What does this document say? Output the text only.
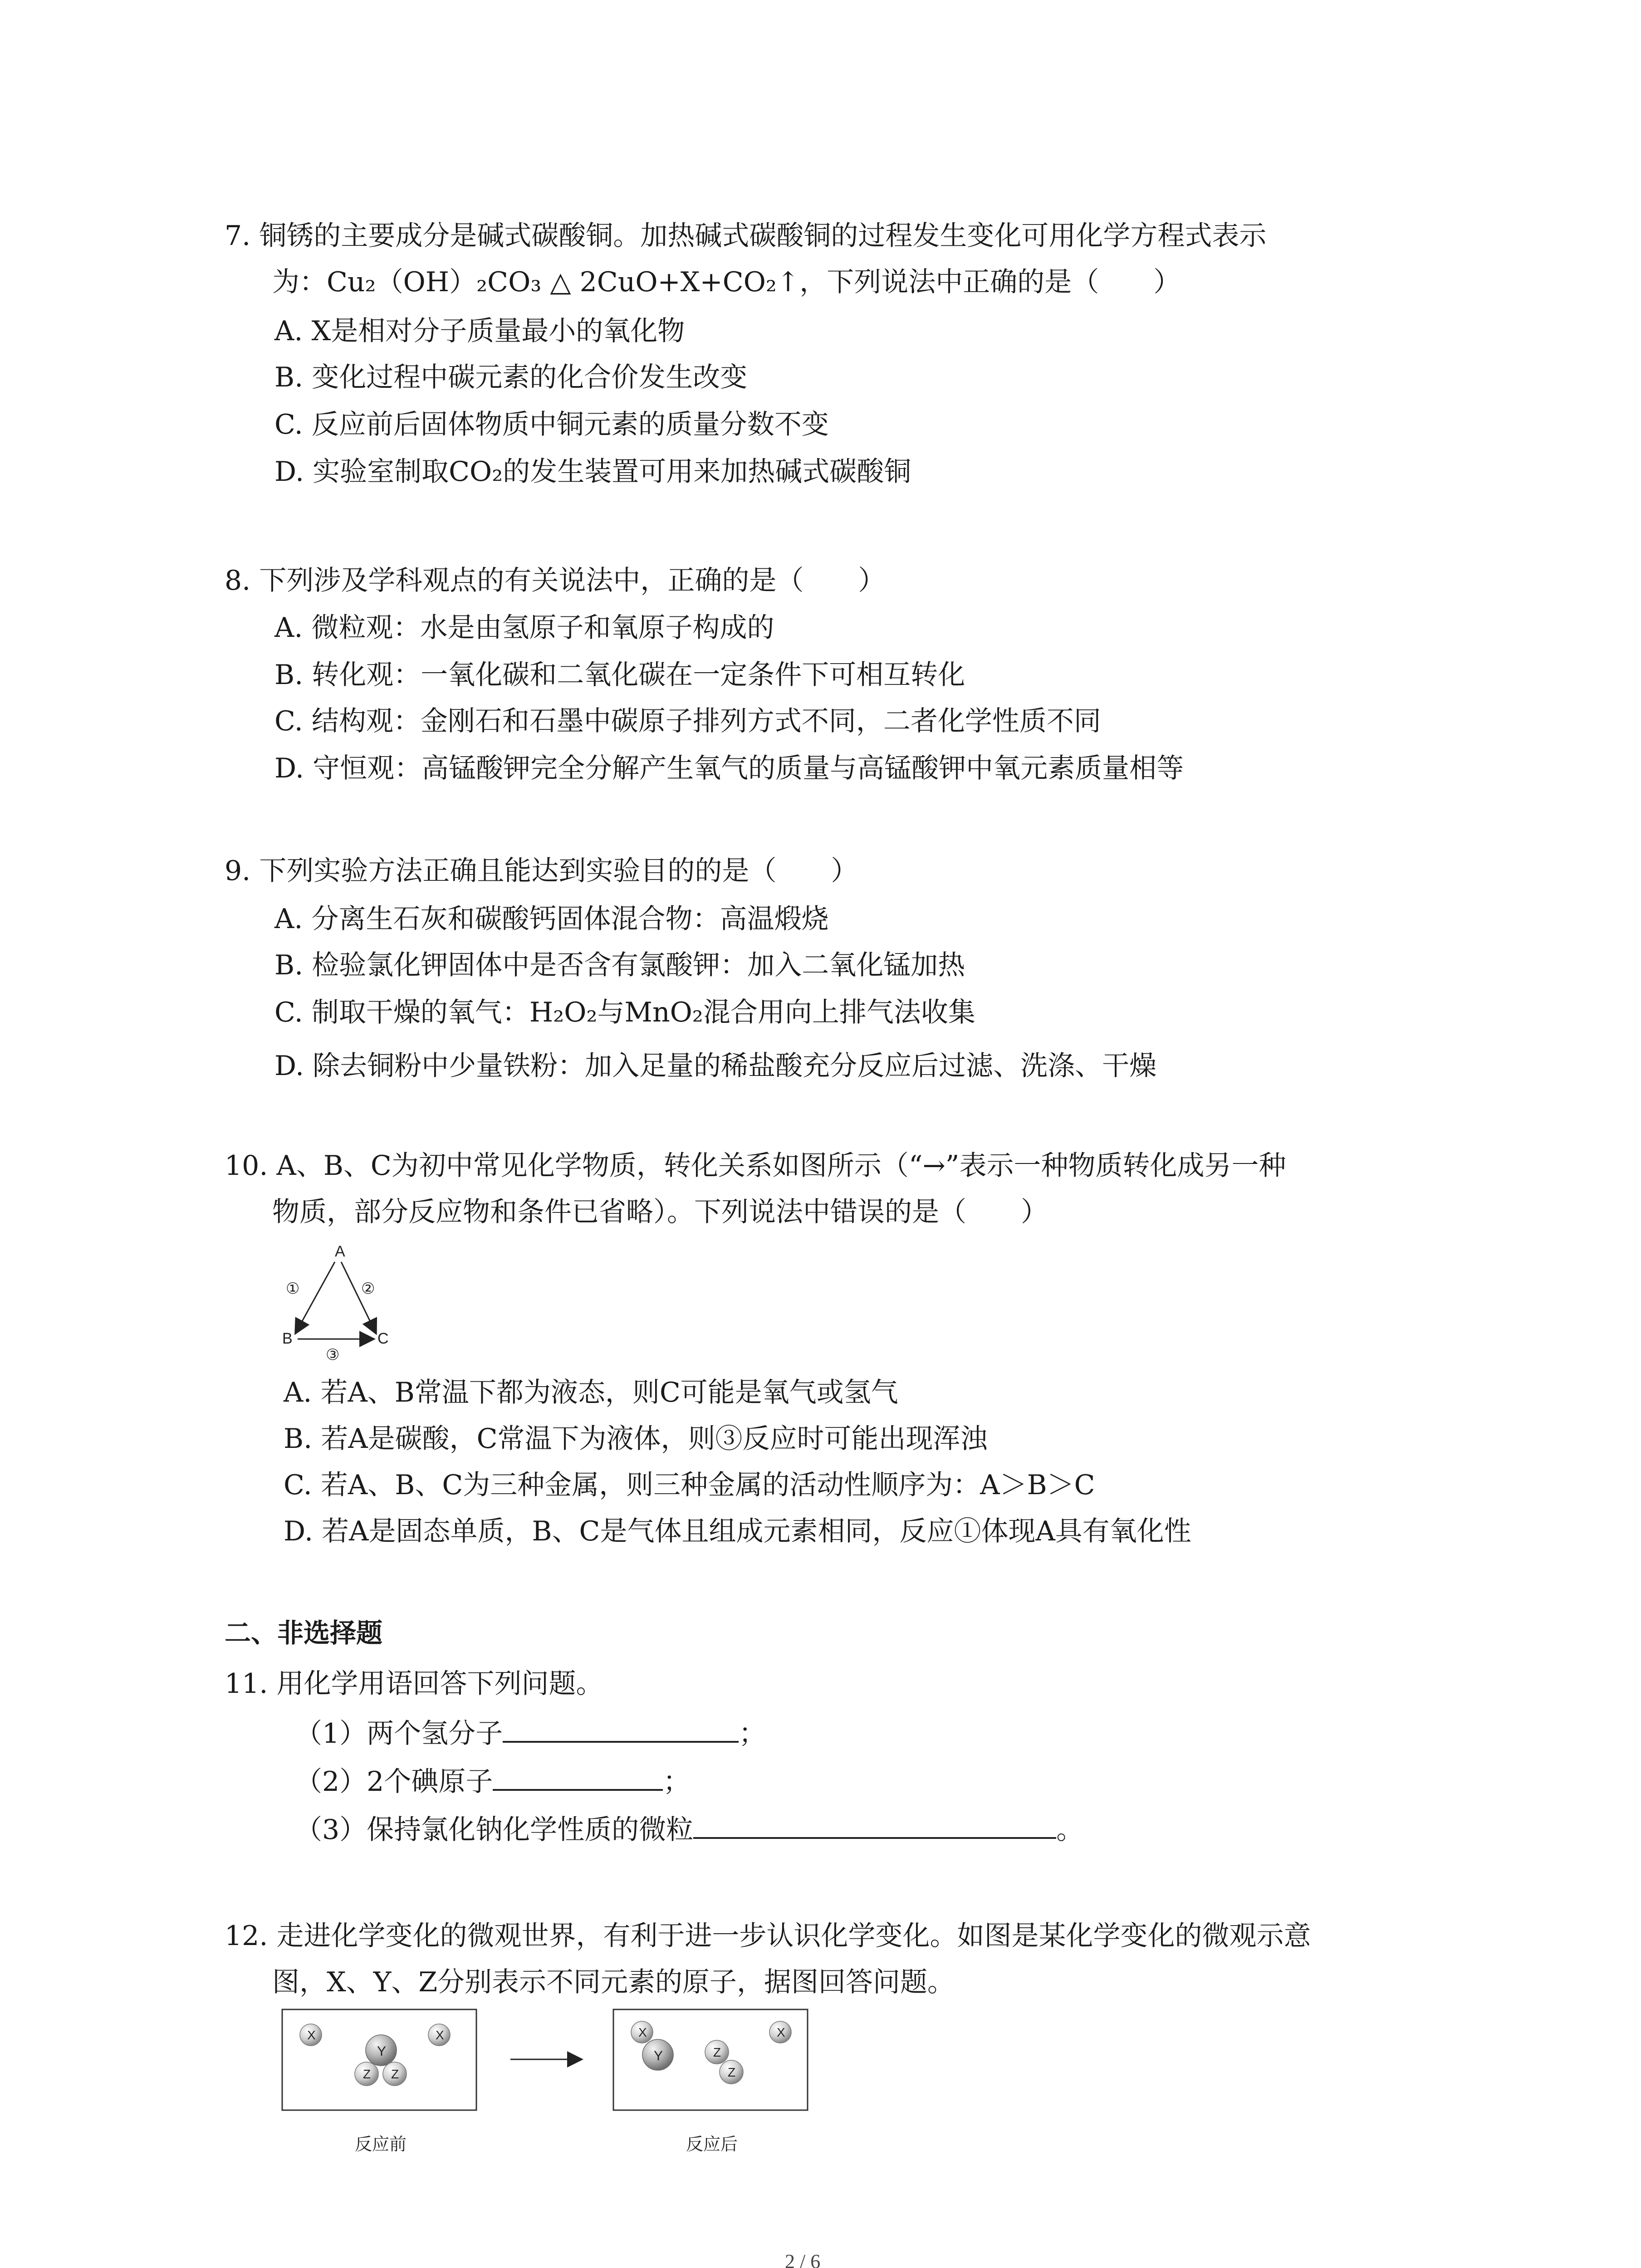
7. 铜锈的主要成分是碱式碳酸铜。加热碱式碳酸铜的过程发生变化可用化学方程式表示
为：Cu₂（OH）₂CO₃ △ 2CuO+X+CO₂↑，下列说法中正确的是（　　）
A. X是相对分子质量最小的氧化物
B. 变化过程中碳元素的化合价发生改变
C. 反应前后固体物质中铜元素的质量分数不变
D. 实验室制取CO₂的发生装置可用来加热碱式碳酸铜
8. 下列涉及学科观点的有关说法中，正确的是（　　）
A. 微粒观：水是由氢原子和氧原子构成的
B. 转化观：一氧化碳和二氧化碳在一定条件下可相互转化
C. 结构观：金刚石和石墨中碳原子排列方式不同，二者化学性质不同
D. 守恒观：高锰酸钾完全分解产生氧气的质量与高锰酸钾中氧元素质量相等
9. 下列实验方法正确且能达到实验目的的是（　　）
A. 分离生石灰和碳酸钙固体混合物：高温煅烧
B. 检验氯化钾固体中是否含有氯酸钾：加入二氧化锰加热
C. 制取干燥的氧气：H₂O₂与MnO₂混合用向上排气法收集
D. 除去铜粉中少量铁粉：加入足量的稀盐酸充分反应后过滤、洗涤、干燥
10. A、B、C为初中常见化学物质，转化关系如图所示（“→”表示一种物质转化成另一种
物质，部分反应物和条件已省略）。下列说法中错误的是（　　）
A
B	C
①	②
③
A. 若A、B常温下都为液态，则C可能是氧气或氢气
B. 若A是碳酸，C常温下为液体，则③反应时可能出现浑浊
C. 若A、B、C为三种金属，则三种金属的活动性顺序为：A＞B＞C
D. 若A是固态单质，B、C是气体且组成元素相同，反应①体现A具有氧化性
二、非选择题
11. 用化学用语回答下列问题。
（1）两个氢分子	；
（2）2个碘原子	；
（3）保持氯化钠化学性质的微粒	。
12. 走进化学变化的微观世界，有利于进一步认识化学变化。如图是某化学变化的微观示意
图，X、Y、Z分别表示不同元素的原子，据图回答问题。
X	X
Y
Z Z
X
Y	Z
Z
X
反应前	反应后
2 / 6
